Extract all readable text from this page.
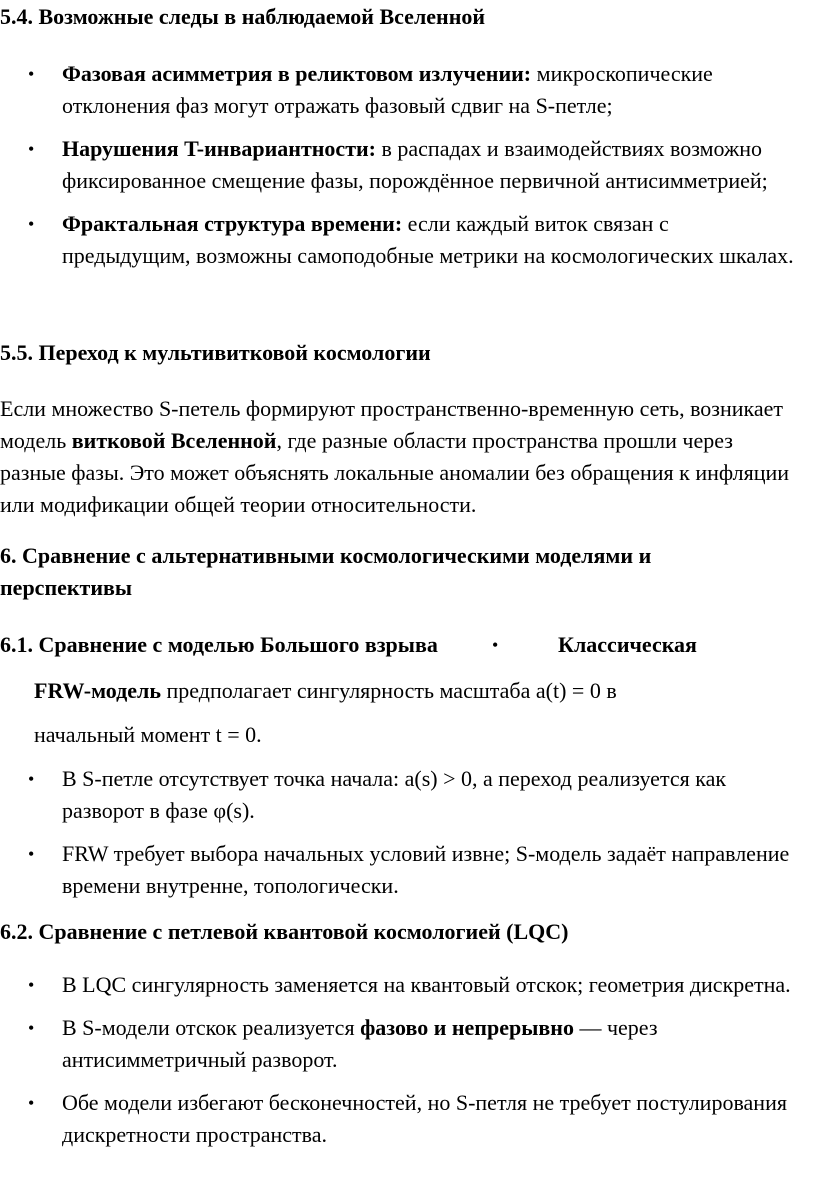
5.4. Возможные следы в наблюдаемой Вселенной
• Фазовая асимметрия в реликтовом излучении: микроскопические отклонения фаз могут отражать фазовый сдвиг на S-петле;
• Нарушения T-инвариантности: в распадах и взаимодействиях возможно фиксированное смещение фазы, порождённое первичной антисимметрией;
• Фрактальная структура времени: если каждый виток связан с предыдущим, возможны самоподобные метрики на космологических шкалах.
5.5. Переход к мультивитковой космологии

Если множество S-петель формируют пространственно-временную сеть, возникает модель витковой Вселенной, где разные области пространства прошли через разные фазы. Это может объяснять локальные аномалии без обращения к инфляции или модификации общей теории относительности.

6. Сравнение с альтернативными космологическими моделями и
перспективы
6.1. Сравнение с моделью Большого взрыва	•	Классическая

FRW-модель предполагает сингулярность масштаба a(t) = 0 в

начальный момент t = 0.

• В S-петле отсутствует точка начала: a(s) > 0, а переход реализуется как разворот в фазе φ(s).
• FRW требует выбора начальных условий извне; S-модель задаёт направление времени внутренне, топологически.
6.2. Сравнение с петлевой квантовой космологией (LQC)
• В LQC сингулярность заменяется на квантовый отскок; геометрия дискретна.
• В S-модели отскок реализуется фазово и непрерывно — через антисимметричный разворот.
• Обе модели избегают бесконечностей, но S-петля не требует постулирования дискретности пространства.
